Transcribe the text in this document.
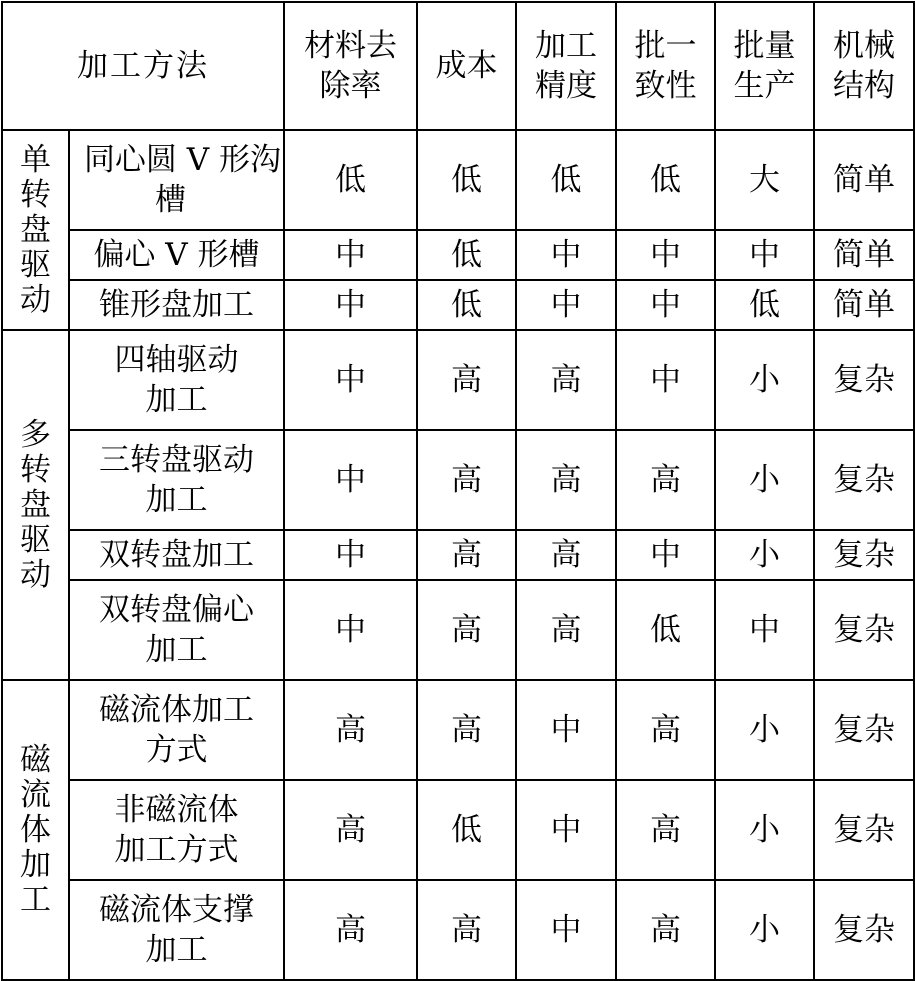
加工方法		材料去除率	成本	加工精度	批一致性	批量生产	机械结构
单转盘驱动	同心圆 V 形沟槽	低	低	低	低	大	简单
	偏心 V 形槽	中	低	中	中	中	简单
	锥形盘加工	中	低	中	中	低	简单
多转盘驱动	四轴驱动加工	中	高	高	中	小	复杂
	三转盘驱动加工	中	高	高	高	小	复杂
	双转盘加工	中	高	高	中	小	复杂
	双转盘偏心加工	中	高	高	低	中	复杂
磁流体加工	磁流体加工方式	高	高	中	高	小	复杂
	非磁流体加工方式	高	低	中	高	小	复杂
	磁流体支撑加工	高	高	中	高	小	复杂
